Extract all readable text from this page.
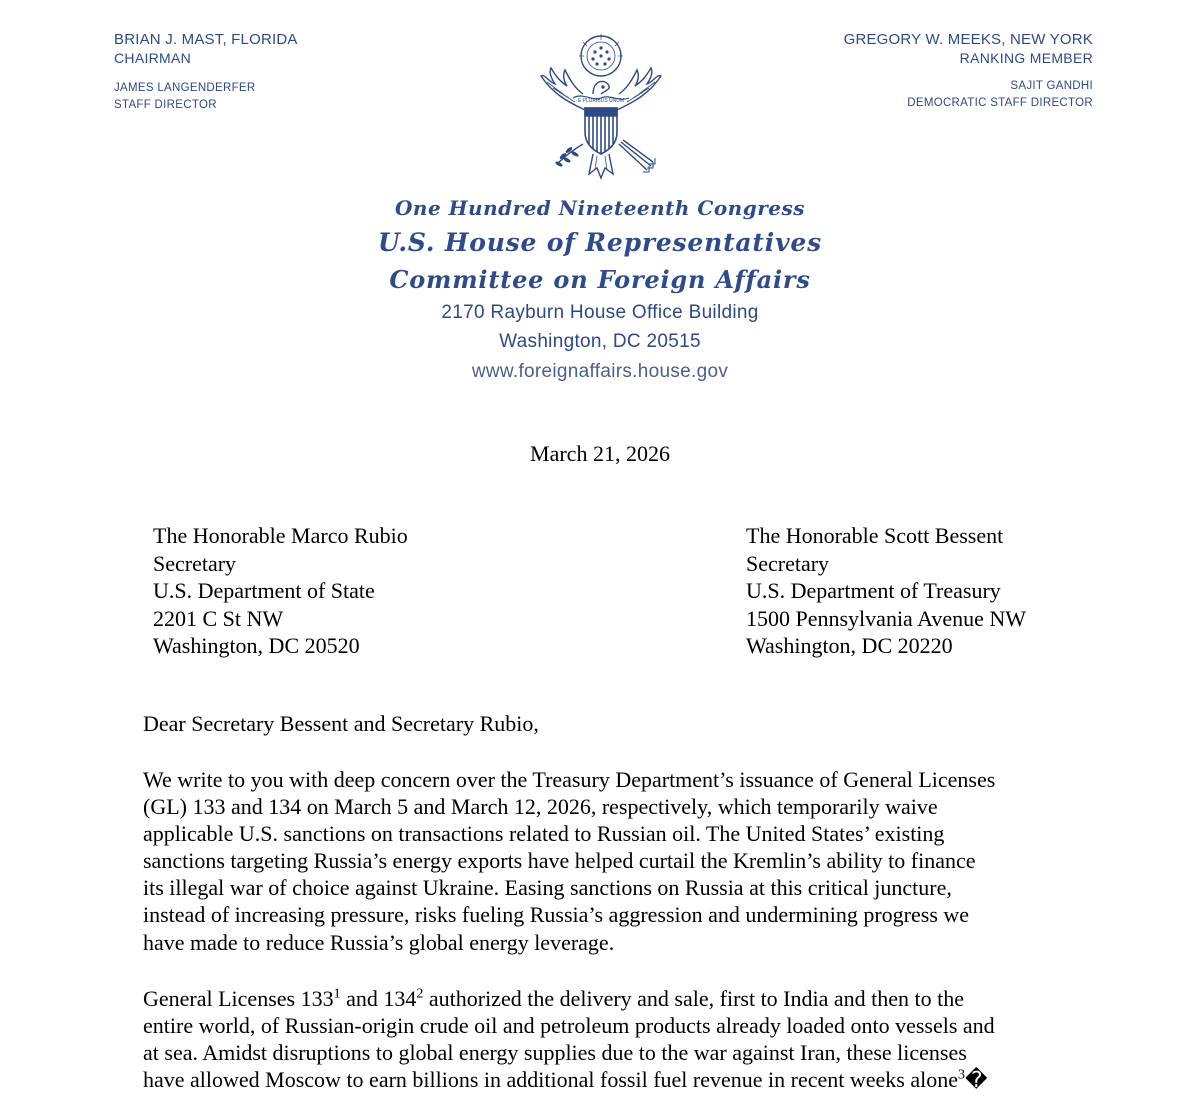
BRIAN J. MAST, FLORIDA
CHAIRMAN
JAMES LANGENDERFER
STAFF DIRECTOR
GREGORY W. MEEKS, NEW YORK
RANKING MEMBER
SAJIT GANDHI
DEMOCRATIC STAFF DIRECTOR
E PLURIBUS UNUM
One Hundred Nineteenth Congress
U.S. House of Representatives
Committee on Foreign Affairs
2170 Rayburn House Office Building
Washington, DC 20515
www.foreignaffairs.house.gov
March 21, 2026
The Honorable Marco Rubio
Secretary
U.S. Department of State
2201 C St NW
Washington, DC 20520
The Honorable Scott Bessent
Secretary
U.S. Department of Treasury
1500 Pennsylvania Avenue NW
Washington, DC 20220
Dear Secretary Bessent and Secretary Rubio,
We write to you with deep concern over the Treasury Department’s issuance of General Licenses
(GL) 133 and 134 on March 5 and March 12, 2026, respectively, which temporarily waive
applicable U.S. sanctions on transactions related to Russian oil. The United States’ existing
sanctions targeting Russia’s energy exports have helped curtail the Kremlin’s ability to finance
its illegal war of choice against Ukraine. Easing sanctions on Russia at this critical juncture,
instead of increasing pressure, risks fueling Russia’s aggression and undermining progress we
have made to reduce Russia’s global energy leverage.
General Licenses $133^1$ and $134^2$ authorized the delivery and sale, first to India and then to the
entire world, of Russian-origin crude oil and petroleum products already loaded onto vessels and
at sea. Amidst disruptions to global energy supplies due to the war against Iran, these licenses
have allowed Moscow to earn billions in additional fossil fuel revenue in recent weeks alone$^3$�
